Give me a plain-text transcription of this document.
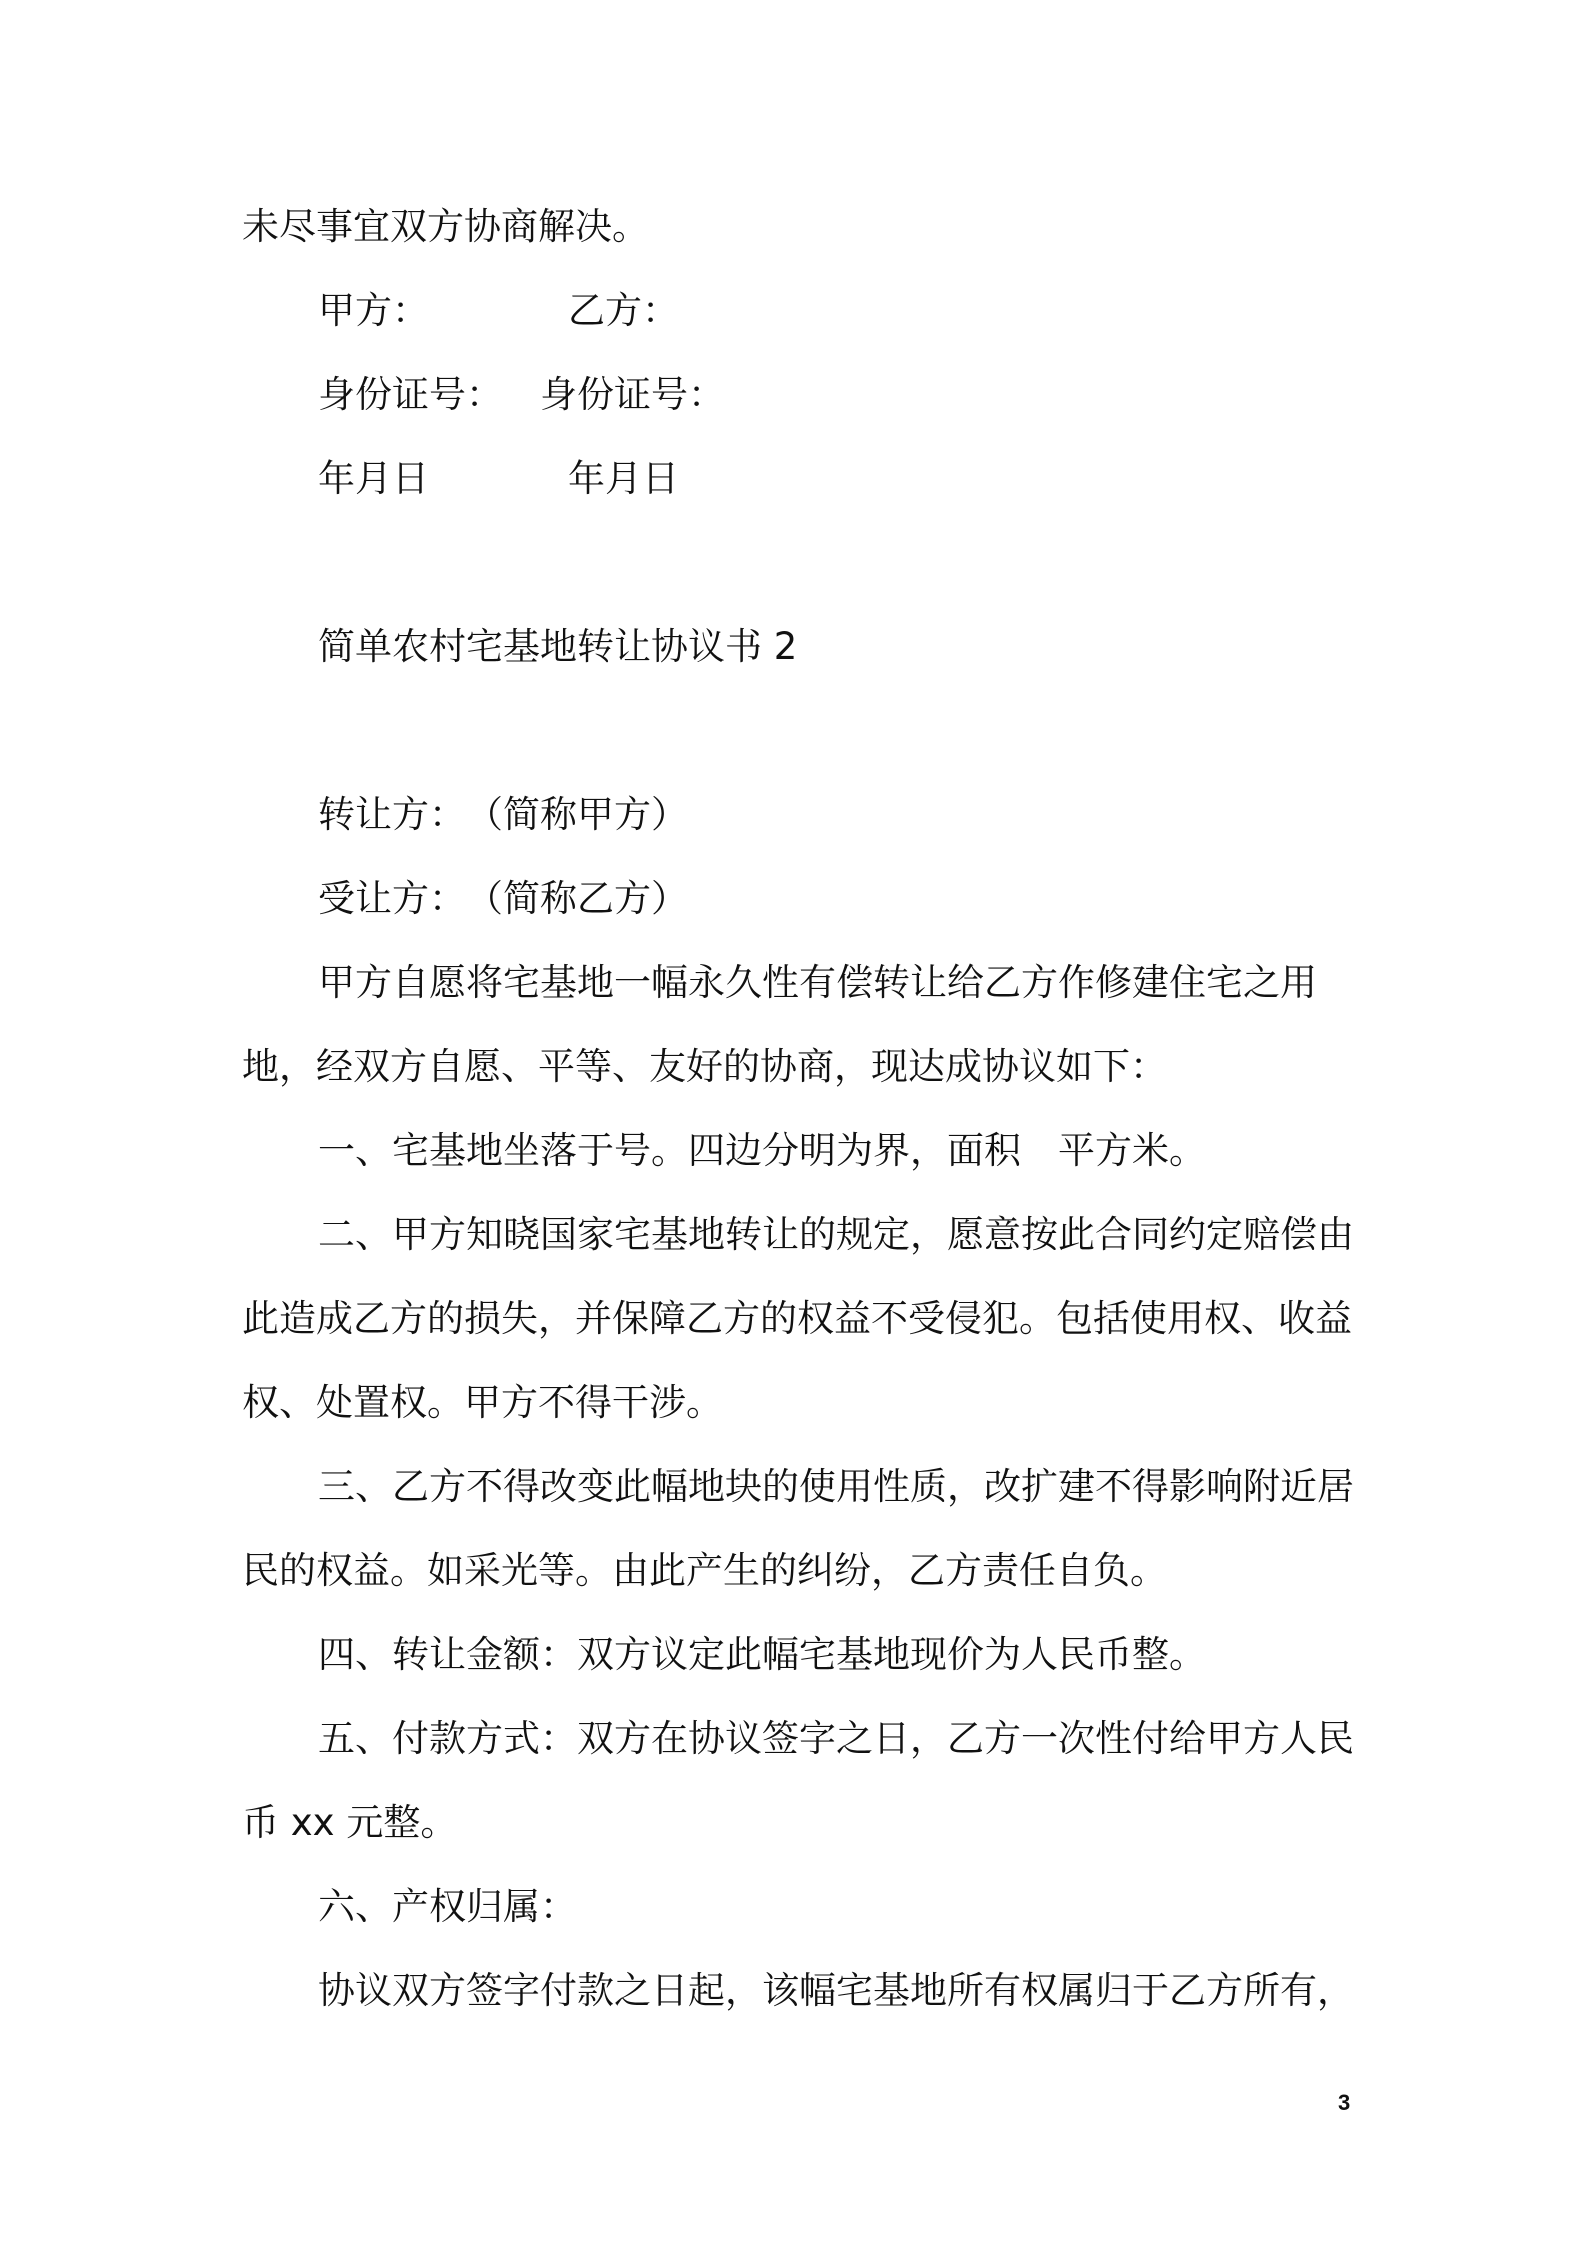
未尽事宜双方协商解决。
甲方：	乙方：
身份证号： 身份证号：
年月日	年月日
简单农村宅基地转让协议书 2
转让方：　（简称甲方）
受让方：　（简称乙方）
甲方自愿将宅基地一幅永久性有偿转让给乙方作修建住宅之用
地，经双方自愿、平等、友好的协商，现达成协议如下：
一、宅基地坐落于号。四边分明为界，面积　平方米。
二、甲方知晓国家宅基地转让的规定，愿意按此合同约定赔偿由
此造成乙方的损失，并保障乙方的权益不受侵犯。包括使用权、收益
权、处置权。甲方不得干涉。
三、乙方不得改变此幅地块的使用性质，改扩建不得影响附近居
民的权益。如采光等。由此产生的纠纷，乙方责任自负。
四、转让金额：双方议定此幅宅基地现价为人民币整。
五、付款方式：双方在协议签字之日，乙方一次性付给甲方人民
币 xx 元整。
六、产权归属：
协议双方签字付款之日起，该幅宅基地所有权属归于乙方所有，
3
